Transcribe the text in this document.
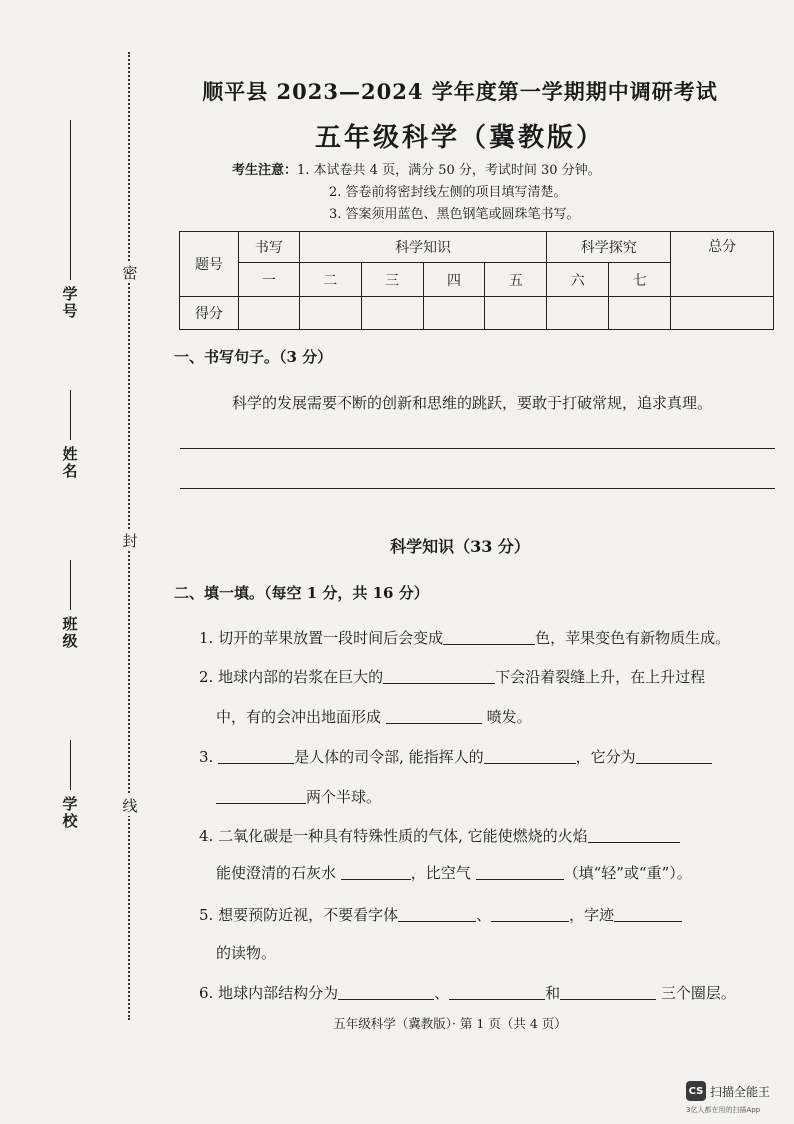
密
封
线
学号
姓名
班级
学校
顺平县 2023—2024 学年度第一学期期中调研考试
五年级科学（冀教版）
考生注意： 1. 本试卷共 4 页，满分 50 分，考试时间 30 分钟。
2. 答卷前将密封线左侧的项目填写清楚。
3. 答案须用蓝色、黑色钢笔或圆珠笔书写。
题号	书写	科学知识				科学探究		总分
	一	二	三	四	五	六	七	
得分								
一、书写句子。（3 分）
科学的发展需要不断的创新和思维的跳跃，要敢于打破常规，追求真理。
科学知识（33 分）
二、填一填。（每空 1 分，共 16 分）
1. 切开的苹果放置一段时间后会变成	色，苹果变色有新物质生成。
2. 地球内部的岩浆在巨大的	下会沿着裂缝上升，在上升过程
中，有的会冲出地面形成	喷发。
3.	是人体的司令部, 能指挥人的	，它分为
两个半球。
4. 二氧化碳是一种具有特殊性质的气体, 它能使燃烧的火焰
能使澄清的石灰水	，比空气	（填“轻”或“重”）。
5. 想要预防近视，不要看字体	、	，字迹
的读物。
6. 地球内部结构分为	、	和	三个圈层。
五年级科学（冀教版）· 第 1 页（共 4 页）
CS 扫描全能王
3亿人都在用的扫描App
